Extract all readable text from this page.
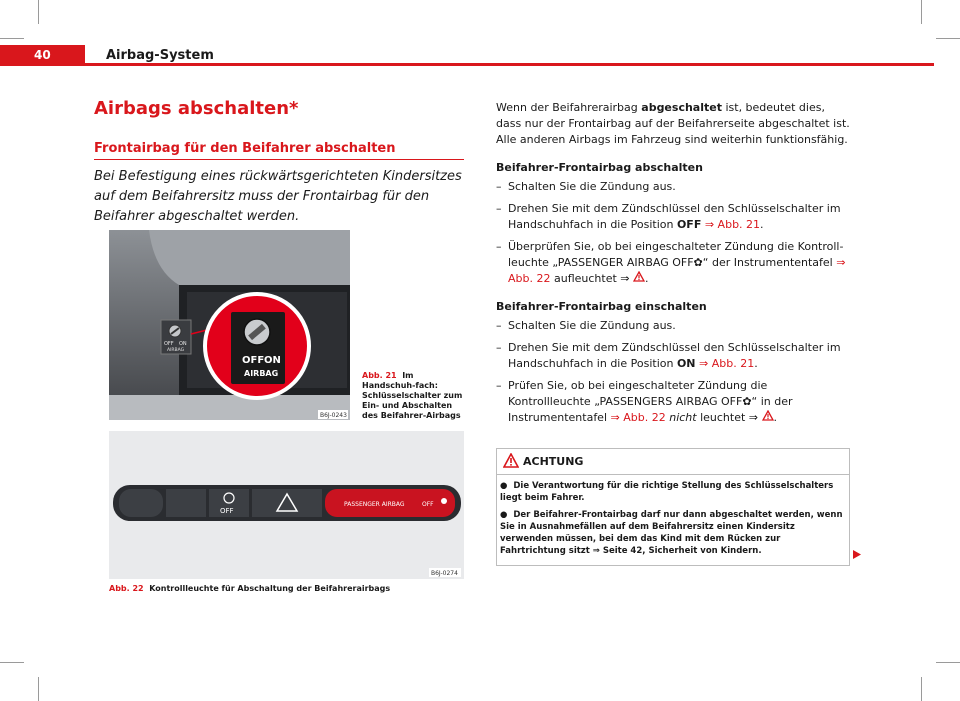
40	Airbag-System
Airbags abschalten*
Frontairbag für den Beifahrer abschalten
Bei Befestigung eines rückwärtsgerichteten Kindersitzes auf dem Beifahrersitz muss der Frontairbag für den Beifahrer abgeschaltet werden.
OFF ON
AIRBAG
OFF ON
AIRBAG
B6J-0243
Abb. 21 Im Handschuh-fach: Schlüsselschalter zum Ein- und Abschalten des Beifahrer-Airbags
OFF
PASSENGER AIRBAG	OFF
B6J-0274
Abb. 22 Kontrollleuchte für Abschaltung der Beifahrerairbags

Wenn der Beifahrerairbag abgeschaltet ist, bedeutet dies, dass nur der Frontairbag auf der Beifahrerseite abgeschaltet ist. Alle anderen Airbags im Fahrzeug sind weiterhin funktionsfähig.

Beifahrer-Frontairbag abschalten

– Schalten Sie die Zündung aus.
– Drehen Sie mit dem Zündschlüssel den Schlüsselschalter im Handschuhfach in die Position OFF ⇒ Abb. 21.
– Überprüfen Sie, ob bei eingeschalteter Zündung die Kontroll-leuchte „PASSENGER AIRBAG OFF✿“ der Instrumententafel ⇒ Abb. 22 aufleuchtet ⇒ .

Beifahrer-Frontairbag einschalten

– Schalten Sie die Zündung aus.
– Drehen Sie mit dem Zündschlüssel den Schlüsselschalter im Handschuhfach in die Position ON ⇒ Abb. 21.
– Prüfen Sie, ob bei eingeschalteter Zündung die Kontrollleuchte „PASSENGERS AIRBAG OFF✿“ in der Instrumententafel ⇒ Abb. 22 nicht leuchtet ⇒ .
ACHTUNG

● Die Verantwortung für die richtige Stellung des Schlüsselschalters liegt beim Fahrer.

● Der Beifahrer-Frontairbag darf nur dann abgeschaltet werden, wenn Sie in Ausnahmefällen auf dem Beifahrersitz einen Kindersitz verwenden müssen, bei dem das Kind mit dem Rücken zur Fahrtrichtung sitzt ⇒ Seite 42, Sicherheit von Kindern.
